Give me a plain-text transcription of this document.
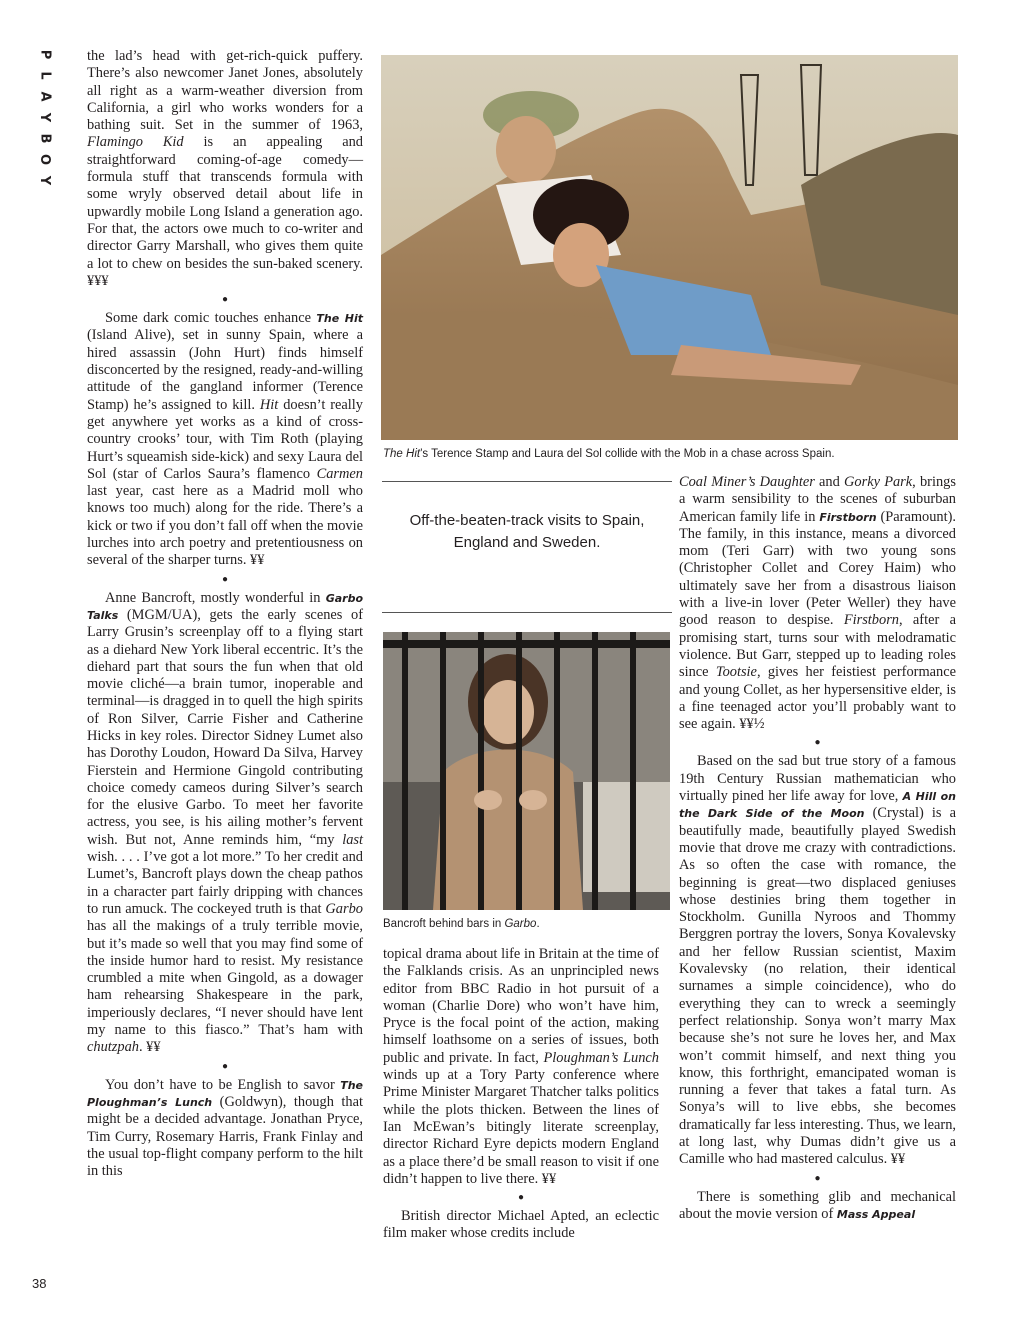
P
L
A
Y
B
O
Y
38

the lad’s head with get-rich-quick puffery. There’s also newcomer Janet Jones, absolutely all right as a warm-weather diversion from California, a girl who works wonders for a bathing suit. Set in the summer of 1963, Flamingo Kid is an appealing and straightforward coming-of-age comedy—formula stuff that transcends formula with some wryly observed detail about life in upwardly mobile Long Island a generation ago. For that, the actors owe much to co-writer and director Garry Marshall, who gives them quite a lot to chew on besides the sun-baked scenery. ¥¥¥

●

Some dark comic touches enhance The Hit (Island Alive), set in sunny Spain, where a hired assassin (John Hurt) finds himself disconcerted by the resigned, ready-and-willing attitude of the gangland informer (Terence Stamp) he’s assigned to kill. Hit doesn’t really get anywhere yet works as a kind of cross-country crooks’ tour, with Tim Roth (playing Hurt’s squeamish side-kick) and sexy Laura del Sol (star of Carlos Saura’s flamenco Carmen last year, cast here as a Madrid moll who knows too much) along for the ride. There’s a kick or two if you don’t fall off when the movie lurches into arch poetry and pretentiousness on several of the sharper turns. ¥¥

●

Anne Bancroft, mostly wonderful in Garbo Talks (MGM/UA), gets the early scenes of Larry Grusin’s screenplay off to a flying start as a diehard New York liberal eccentric. It’s the diehard part that sours the fun when that old movie cliché—a brain tumor, inoperable and terminal—is dragged in to quell the high spirits of Ron Silver, Carrie Fisher and Catherine Hicks in key roles. Director Sidney Lumet also has Dorothy Loudon, Howard Da Silva, Harvey Fierstein and Hermione Gingold contributing choice comedy cameos during Silver’s search for the elusive Garbo. To meet her favorite actress, you see, is his ailing mother’s fervent wish. But not, Anne reminds him, “my last wish. . . . I’ve got a lot more.” To her credit and Lumet’s, Bancroft plays down the cheap pathos in a character part fairly dripping with chances to run amuck. The cockeyed truth is that Garbo has all the makings of a truly terrible movie, but it’s made so well that you may find some of the inside humor hard to resist. My resistance crumbled a mite when Gingold, as a dowager ham rehearsing Shakespeare in the park, imperiously declares, “I never should have lent my name to this fiasco.” That’s ham with chutzpah. ¥¥

●

You don’t have to be English to savor The Ploughman’s Lunch (Goldwyn), though that might be a decided advantage. Jonathan Pryce, Tim Curry, Rosemary Harris, Frank Finlay and the usual top-flight company perform to the hilt in this

The Hit’s Terence Stamp and Laura del Sol collide with the Mob in a chase across Spain.
Off-the-beaten-track visits to Spain, England and Sweden.
Bancroft behind bars in Garbo.

topical drama about life in Britain at the time of the Falklands crisis. As an unprincipled news editor from BBC Radio in hot pursuit of a woman (Charlie Dore) who won’t have him, Pryce is the focal point of the action, making himself loathsome on a series of issues, both public and private. In fact, Ploughman’s Lunch winds up at a Tory Party conference where Prime Minister Margaret Thatcher talks politics while the plots thicken. Between the lines of Ian McEwan’s bitingly literate screenplay, director Richard Eyre depicts modern England as a place there’d be small reason to visit if one didn’t happen to live there. ¥¥

●

British director Michael Apted, an eclectic film maker whose credits include

Coal Miner’s Daughter and Gorky Park, brings a warm sensibility to the scenes of suburban American family life in Firstborn (Paramount). The family, in this instance, means a divorced mom (Teri Garr) with two young sons (Christopher Collet and Corey Haim) who ultimately save her from a disastrous liaison with a live-in lover (Peter Weller) they have good reason to despise. Firstborn, after a promising start, turns sour with melodramatic violence. But Garr, stepped up to leading roles since Tootsie, gives her feistiest performance and young Collet, as her hypersensitive elder, is a fine teenaged actor you’ll probably want to see again. ¥¥½

●

Based on the sad but true story of a famous 19th Century Russian mathematician who virtually pined her life away for love, A Hill on the Dark Side of the Moon (Crystal) is a beautifully made, beautifully played Swedish movie that drove me crazy with contradictions. As so often the case with romance, the beginning is great—two displaced geniuses whose destinies bring them together in Stockholm. Gunilla Nyroos and Thommy Berggren portray the lovers, Sonya Kovalevsky and her fellow Russian scientist, Maxim Kovalevsky (no relation, their identical surnames a simple coincidence), who do everything they can to wreck a seemingly perfect relationship. Sonya won’t marry Max because she’s not sure he loves her, and Max won’t commit himself, and next thing you know, this forthright, emancipated woman is running a fever that takes a fatal turn. As Sonya’s will to live ebbs, she becomes dramatically far less interesting. Thus, we learn, at long last, why Dumas didn’t give us a Camille who had mastered calculus. ¥¥

●

There is something glib and mechanical about the movie version of Mass Appeal
